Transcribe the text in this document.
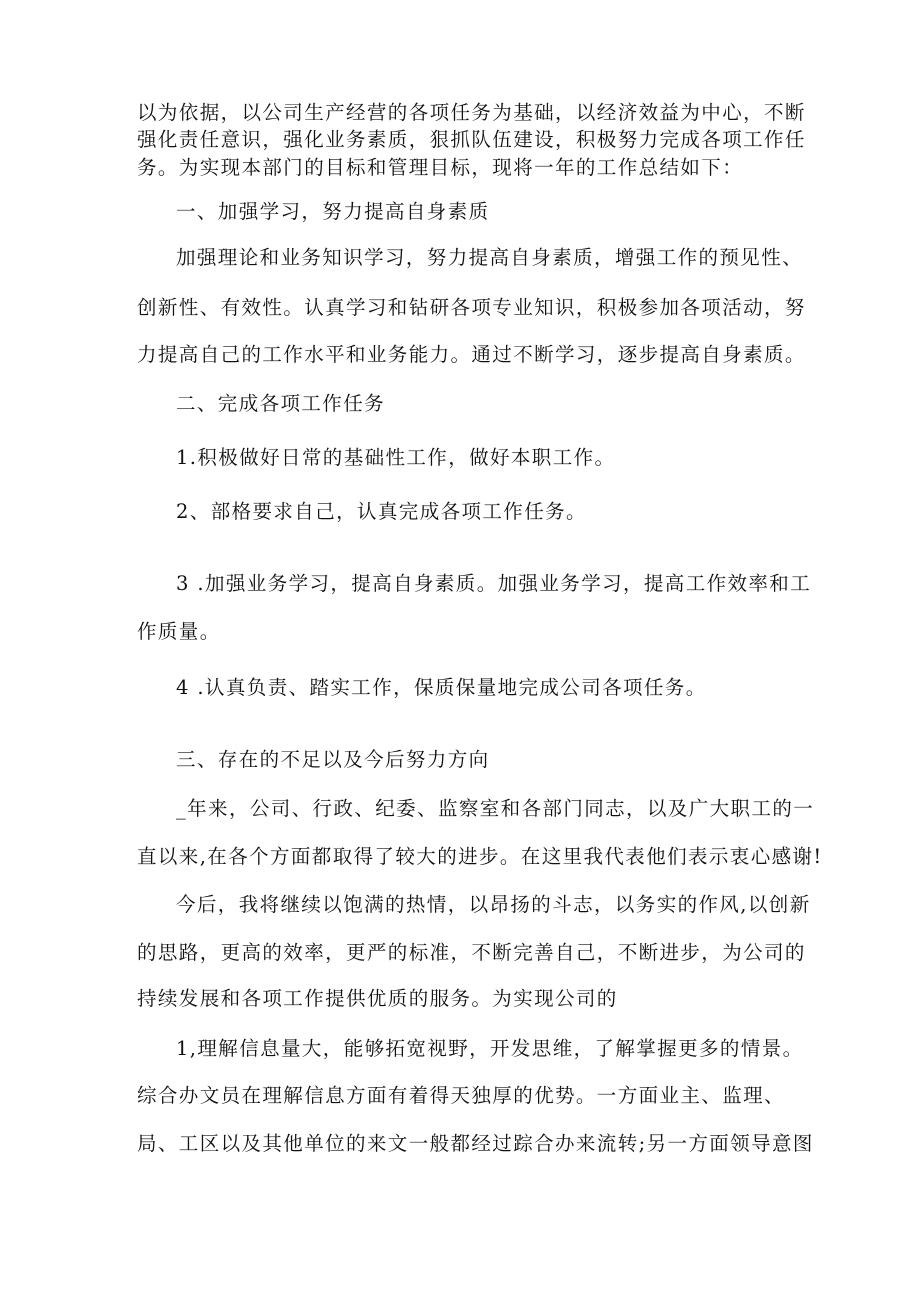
以为依据，以公司生产经营的各项任务为基础，以经济效益为中心，不断
强化责任意识，强化业务素质，狠抓队伍建设，积极努力完成各项工作任
务。为实现本部门的目标和管理目标，现将一年的工作总结如下：
一、加强学习，努力提高自身素质
加强理论和业务知识学习，努力提高自身素质，增强工作的预见性、
创新性、有效性。认真学习和钻研各项专业知识，积极参加各项活动，努
力提高自己的工作水平和业务能力。通过不断学习，逐步提高自身素质。
二、完成各项工作任务
1.积极做好日常的基础性工作，做好本职工作。
2、部格要求自己，认真完成各项工作任务。
3 .加强业务学习，提高自身素质。加强业务学习，提高工作效率和工
作质量。
4 .认真负责、踏实工作，保质保量地完成公司各项任务。
三、存在的不足以及今后努力方向
_年来，公司、行政、纪委、监察室和各部门同志，以及广大职工的一
直以来,在各个方面都取得了较大的进步。在这里我代表他们表示衷心感谢!
今后，我将继续以饱满的热情，以昂扬的斗志，以务实的作风,以创新
的思路，更高的效率，更严的标准，不断完善自己，不断进步，为公司的
持续发展和各项工作提供优质的服务。为实现公司的
1,理解信息量大，能够拓宽视野，开发思维，了解掌握更多的情景。
综合办文员在理解信息方面有着得天独厚的优势。一方面业主、监理、
局、工区以及其他单位的来文一般都经过踪合办来流转;另一方面领导意图
